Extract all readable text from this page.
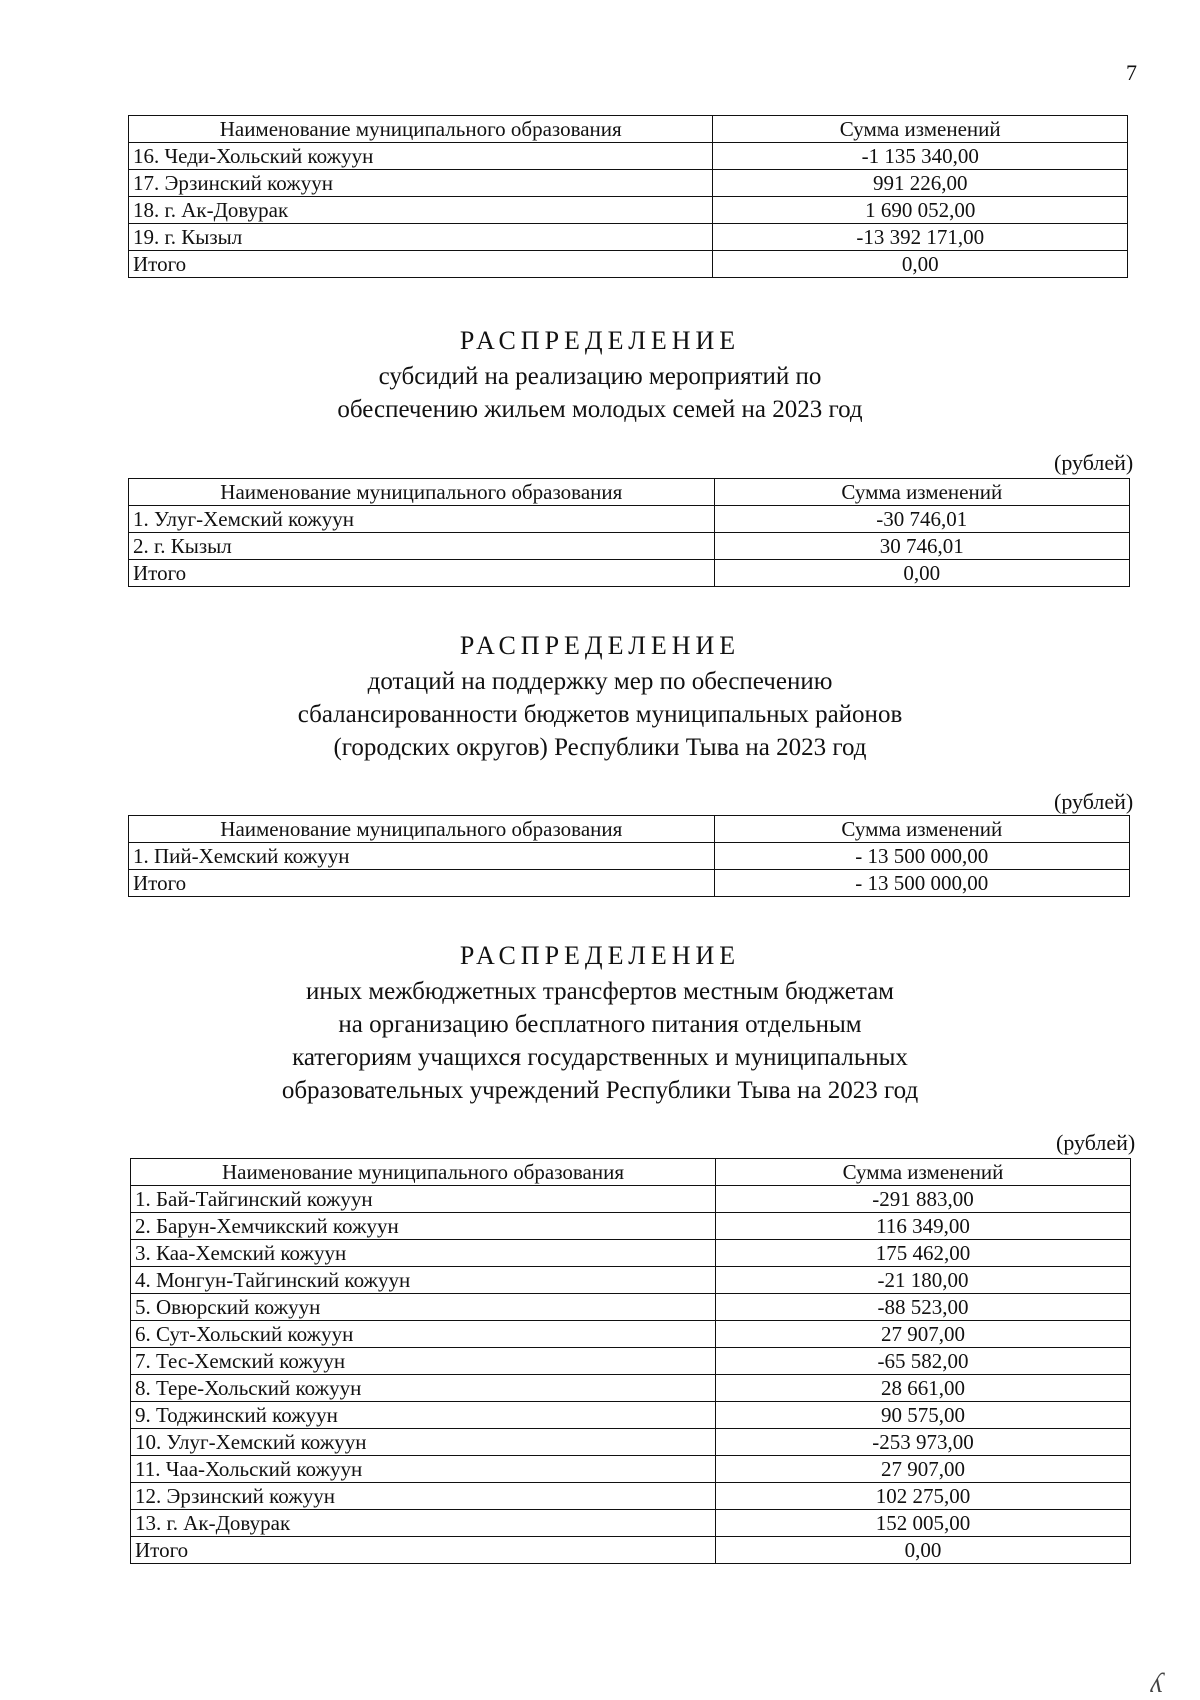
7
Наименование муниципального образования	Сумма изменений
16. Чеди-Хольский кожуун	-1 135 340,00
17. Эрзинский кожуун	991 226,00
18. г. Ак-Довурак	1 690 052,00
19. г. Кызыл	-13 392 171,00
Итого	0,00
РАСПРЕДЕЛЕНИЕ
субсидий на реализацию мероприятий по
обеспечению жильем молодых семей на 2023 год
(рублей)
Наименование муниципального образования	Сумма изменений
1. Улуг-Хемский кожуун	-30 746,01
2. г. Кызыл	30 746,01
Итого	0,00
РАСПРЕДЕЛЕНИЕ
дотаций на поддержку мер по обеспечению
сбалансированности бюджетов муниципальных районов
(городских округов) Республики Тыва на 2023 год
(рублей)
Наименование муниципального образования	Сумма изменений
1. Пий-Хемский кожуун	- 13 500 000,00
Итого	- 13 500 000,00
РАСПРЕДЕЛЕНИЕ
иных межбюджетных трансфертов местным бюджетам
на организацию бесплатного питания отдельным
категориям учащихся государственных и муниципальных
образовательных учреждений Республики Тыва на 2023 год
(рублей)
Наименование муниципального образования	Сумма изменений
1. Бай-Тайгинский кожуун	-291 883,00
2. Барун-Хемчикский кожуун	116 349,00
3. Каа-Хемский кожуун	175 462,00
4. Монгун-Тайгинский кожуун	-21 180,00
5. Овюрский кожуун	-88 523,00
6. Сут-Хольский кожуун	27 907,00
7. Тес-Хемский кожуун	-65 582,00
8. Тере-Хольский кожуун	28 661,00
9. Тоджинский кожуун	90 575,00
10. Улуг-Хемский кожуун	-253 973,00
11. Чаа-Хольский кожуун	27 907,00
12. Эрзинский кожуун	102 275,00
13. г. Ак-Довурак	152 005,00
Итого	0,00
ʎ
